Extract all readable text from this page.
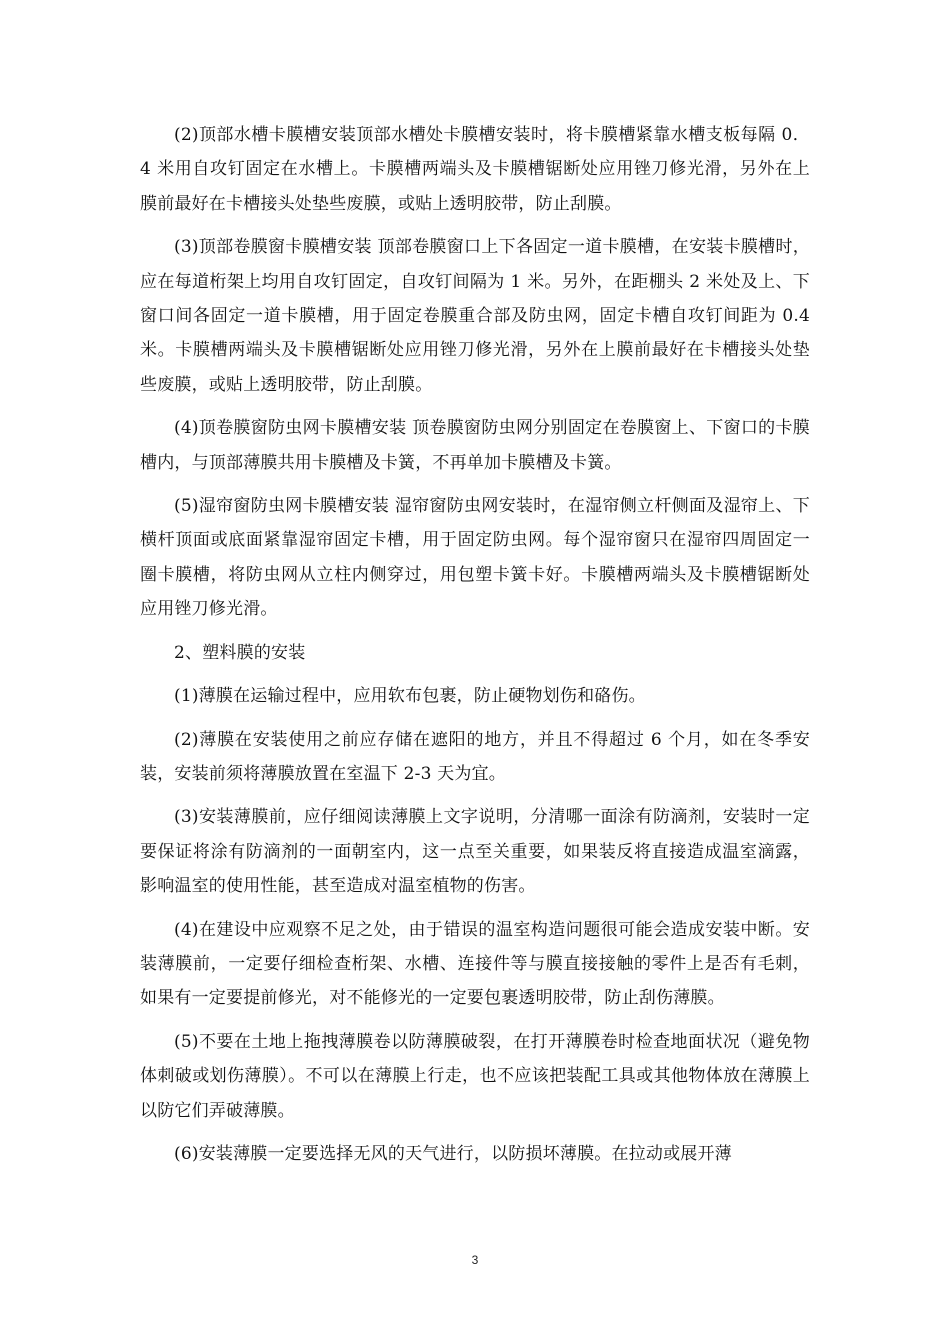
(2)顶部水槽卡膜槽安装顶部水槽处卡膜槽安装时，将卡膜槽紧靠水槽支板每隔 0．4 米用自攻钉固定在水槽上。卡膜槽两端头及卡膜槽锯断处应用锉刀修光滑，另外在上膜前最好在卡槽接头处垫些废膜，或贴上透明胶带，防止刮膜。

(3)顶部卷膜窗卡膜槽安装 顶部卷膜窗口上下各固定一道卡膜槽，在安装卡膜槽时，应在每道桁架上均用自攻钉固定，自攻钉间隔为 1 米。另外，在距棚头 2 米处及上、下窗口间各固定一道卡膜槽，用于固定卷膜重合部及防虫网，固定卡槽自攻钉间距为 0.4 米。卡膜槽两端头及卡膜槽锯断处应用锉刀修光滑，另外在上膜前最好在卡槽接头处垫些废膜，或贴上透明胶带，防止刮膜。

(4)顶卷膜窗防虫网卡膜槽安装 顶卷膜窗防虫网分别固定在卷膜窗上、下窗口的卡膜槽内，与顶部薄膜共用卡膜槽及卡簧，不再单加卡膜槽及卡簧。

(5)湿帘窗防虫网卡膜槽安装 湿帘窗防虫网安装时，在湿帘侧立杆侧面及湿帘上、下横杆顶面或底面紧靠湿帘固定卡槽，用于固定防虫网。每个湿帘窗只在湿帘四周固定一圈卡膜槽，将防虫网从立柱内侧穿过，用包塑卡簧卡好。卡膜槽两端头及卡膜槽锯断处应用锉刀修光滑。

2、塑料膜的安装

(1)薄膜在运输过程中，应用软布包裹，防止硬物划伤和硌伤。

(2)薄膜在安装使用之前应存储在遮阳的地方，并且不得超过 6 个月，如在冬季安装，安装前须将薄膜放置在室温下 2-3 天为宜。

(3)安装薄膜前，应仔细阅读薄膜上文字说明，分清哪一面涂有防滴剂，安装时一定要保证将涂有防滴剂的一面朝室内，这一点至关重要，如果装反将直接造成温室滴露，影响温室的使用性能，甚至造成对温室植物的伤害。

(4)在建设中应观察不足之处，由于错误的温室构造问题很可能会造成安装中断。安装薄膜前，一定要仔细检查桁架、水槽、连接件等与膜直接接触的零件上是否有毛刺，如果有一定要提前修光，对不能修光的一定要包裹透明胶带，防止刮伤薄膜。

(5)不要在土地上拖拽薄膜卷以防薄膜破裂，在打开薄膜卷时检查地面状况（避免物体刺破或划伤薄膜）。不可以在薄膜上行走，也不应该把装配工具或其他物体放在薄膜上以防它们弄破薄膜。

(6)安装薄膜一定要选择无风的天气进行，以防损坏薄膜。在拉动或展开薄

3
